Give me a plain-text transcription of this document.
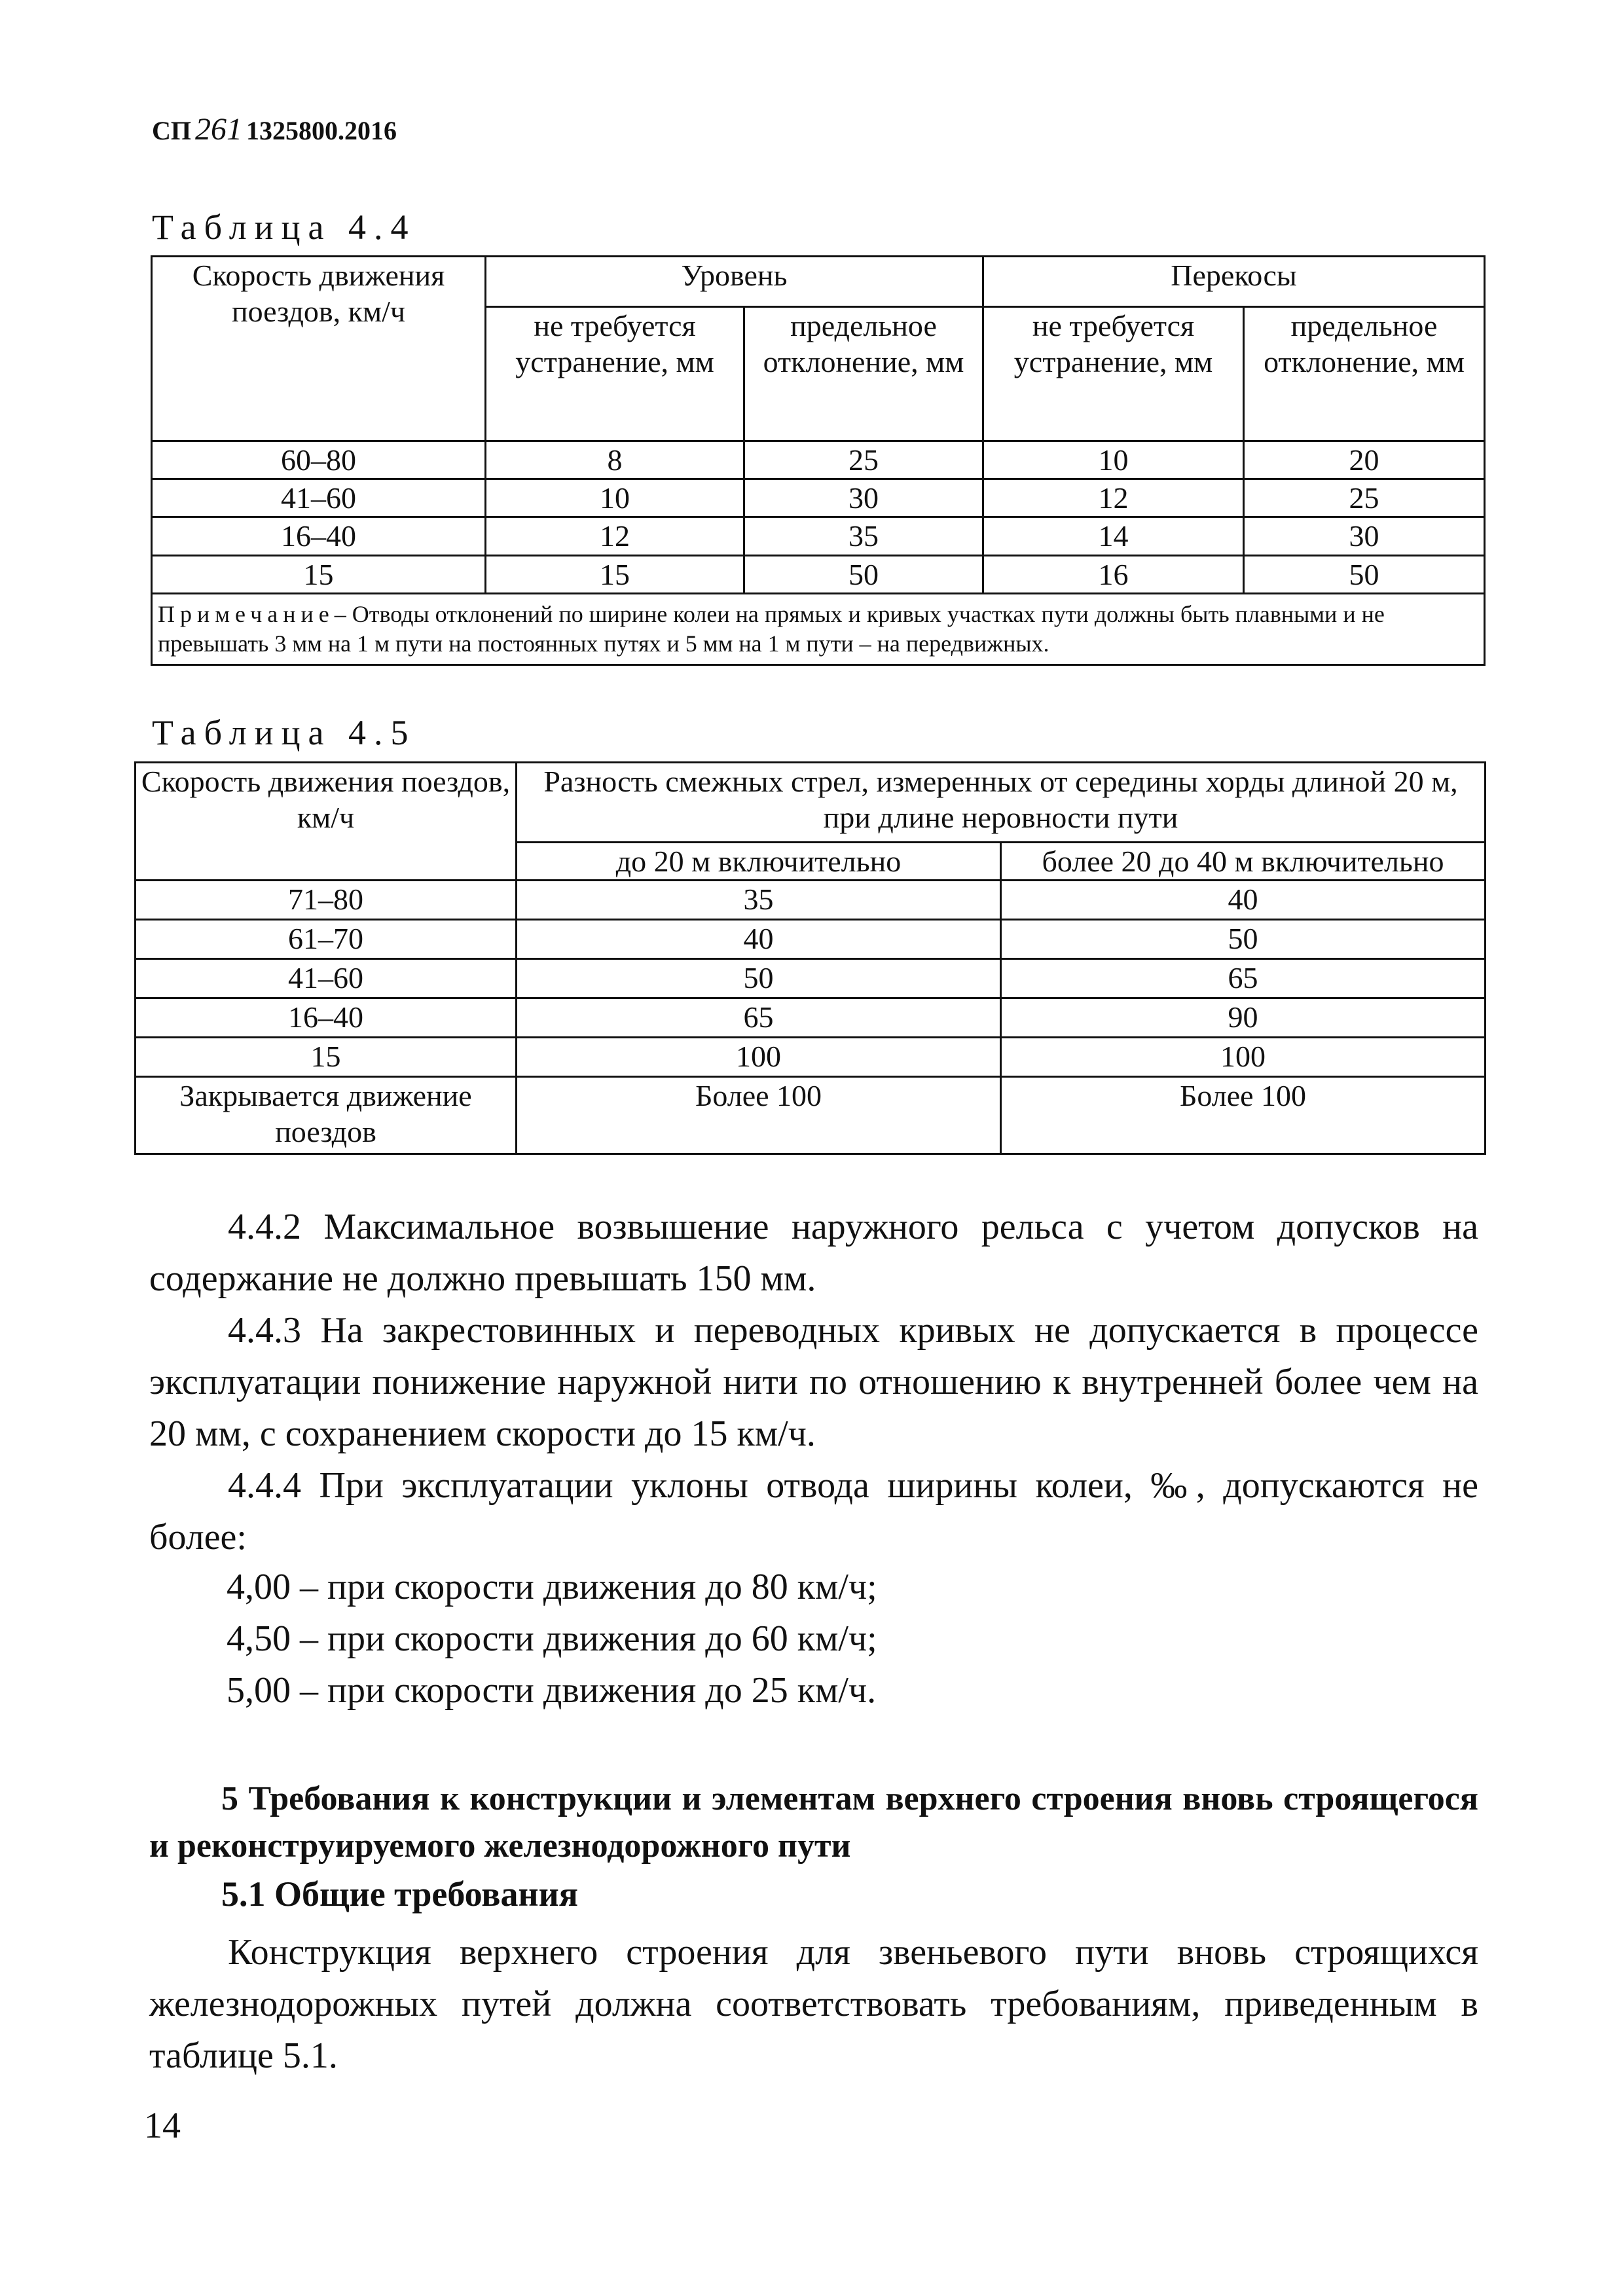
СП 261 1325800.2016
Таблица 4.4
Скорость движения поездов, км/ч	Уровень		Перекосы	
	не требуется устранение, мм	предельное отклонение, мм	не требуется устранение, мм	предельное отклонение, мм
60–80	8	25	10	20
41–60	10	30	12	25
16–40	12	35	14	30
15	15	50	16	50
Примечание– Отводы отклонений по ширине колеи на прямых и кривых участках пути должны быть плавными и не превышать 3 мм на 1 м пути на постоянных путях и 5 мм на 1 м пути – на передвижных.				
Таблица 4.5
Скорость движения поездов, км/ч	Разность смежных стрел, измеренных от середины хорды длиной 20 м, при длине неровности пути	
	до 20 м включительно	более 20 до 40 м включительно
71–80	35	40
61–70	40	50
41–60	50	65
16–40	65	90
15	100	100
Закрывается движение поездов	Более 100	Более 100

4.4.2 Максимальное возвышение наружного рельса с учетом допусков на содержание не должно превышать 150 мм.

4.4.3 На закрестовинных и переводных кривых не допускается в процессе эксплуатации понижение наружной нити по отношению к внутренней более чем на 20 мм, с сохранением скорости до 15 км/ч.

4.4.4 При эксплуатации уклоны отвода ширины колеи, ‰, допускаются не более:

4,00 – при скорости движения до 80 км/ч;

4,50 – при скорости движения до 60 км/ч;

5,00 – при скорости движения до 25 км/ч.

5 Требования к конструкции и элементам верхнего строения вновь строящегося и реконструируемого железнодорожного пути
5.1 Общие требования

Конструкция верхнего строения для звеньевого пути вновь строящихся железнодорожных путей должна соответствовать требованиям, приведенным в таблице 5.1.

14
